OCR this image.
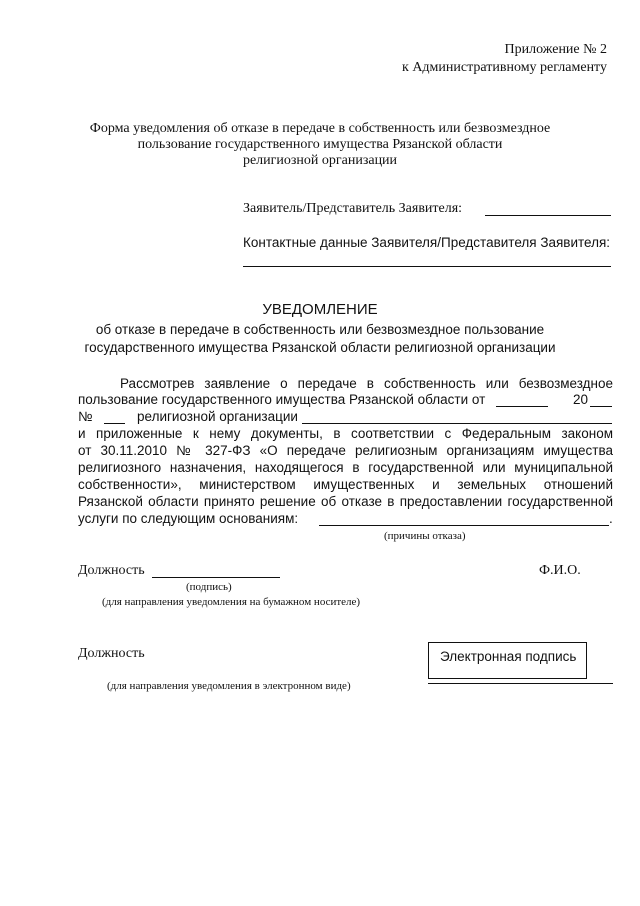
Приложение № 2
к Административному регламенту
Форма уведомления об отказе в передаче в собственность или безвозмездное
пользование государственного имущества Рязанской области
религиозной организации
Заявитель/Представитель Заявителя:
Контактные данные Заявителя/Представителя Заявителя:
УВЕДОМЛЕНИЕ
об отказе в передаче в собственность или безвозмездное пользование
государственного имущества Рязанской области религиозной организации
Рассмотрев заявление о передаче в собственность или безвозмездное
пользование государственного имущества Рязанской области от	20
№	религиозной организации
и приложенные к нему документы, в соответствии с Федеральным законом
от 30.11.2010 № 327-ФЗ «О передаче религиозным организациям имущества
религиозного назначения, находящегося в государственной или муниципальной
собственности», министерством имущественных и земельных отношений
Рязанской области принято решение об отказе в предоставлении государственной
услуги по следующим основаниям:	.
(причины отказа)
Должность
(подпись)
Ф.И.О.
(для направления уведомления на бумажном носителе)
Должность	Электронная подпись
(для направления уведомления в электронном виде)
